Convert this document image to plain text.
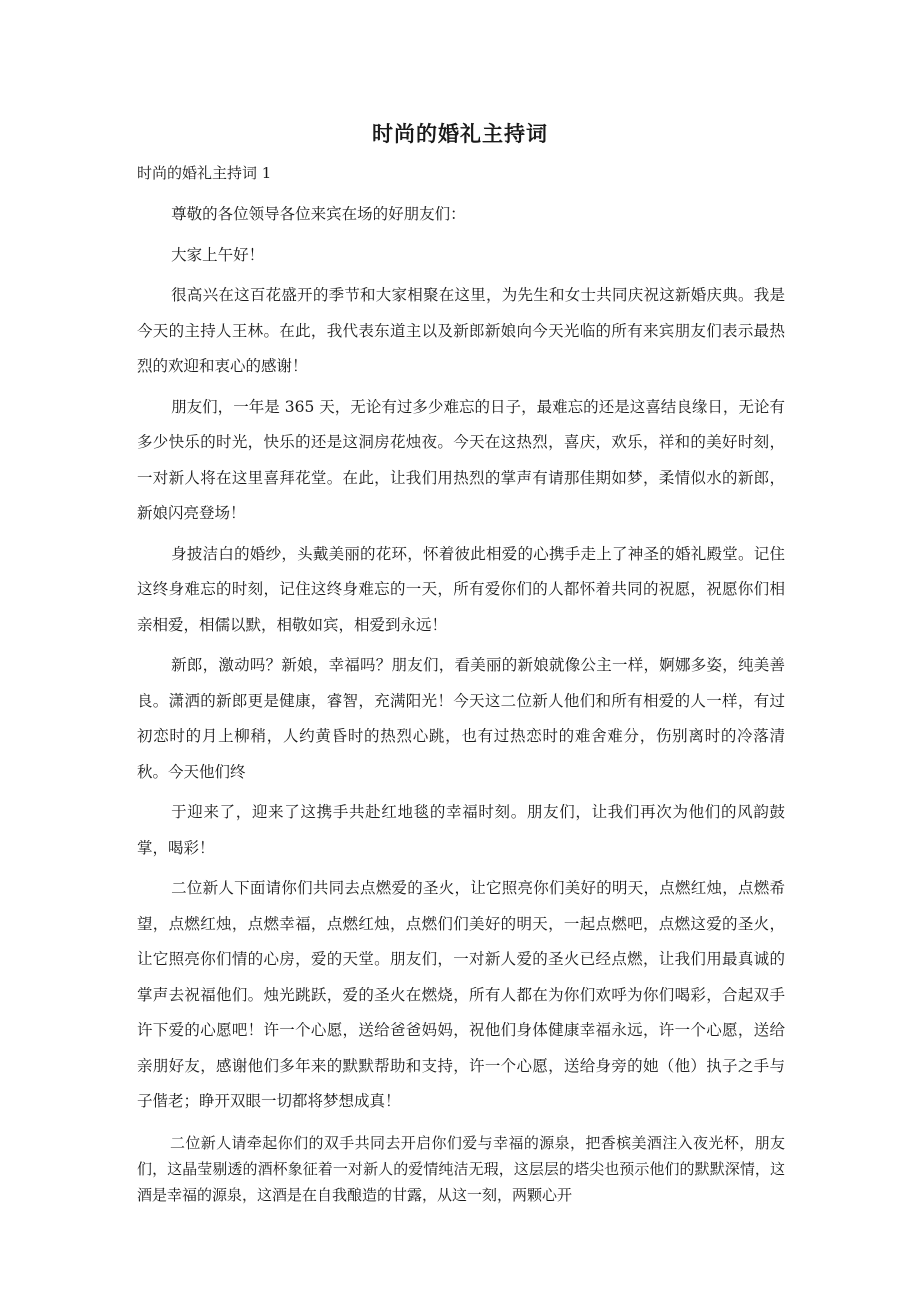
时尚的婚礼主持词
时尚的婚礼主持词 1

尊敬的各位领导各位来宾在场的好朋友们：

大家上午好！

很高兴在这百花盛开的季节和大家相聚在这里，为先生和女士共同庆祝这新婚庆典。我是今天的主持人王林。在此，我代表东道主以及新郎新娘向今天光临的所有来宾朋友们表示最热烈的欢迎和衷心的感谢！

朋友们，一年是 365 天，无论有过多少难忘的日子，最难忘的还是这喜结良缘日，无论有多少快乐的时光，快乐的还是这洞房花烛夜。今天在这热烈，喜庆，欢乐，祥和的美好时刻，一对新人将在这里喜拜花堂。在此，让我们用热烈的掌声有请那佳期如梦，柔情似水的新郎，新娘闪亮登场！

身披洁白的婚纱，头戴美丽的花环，怀着彼此相爱的心携手走上了神圣的婚礼殿堂。记住这终身难忘的时刻，记住这终身难忘的一天，所有爱你们的人都怀着共同的祝愿，祝愿你们相亲相爱，相儒以默，相敬如宾，相爱到永远！

新郎，激动吗？新娘，幸福吗？朋友们，看美丽的新娘就像公主一样，婀娜多姿，纯美善良。潇洒的新郎更是健康，睿智，充满阳光！今天这二位新人他们和所有相爱的人一样，有过初恋时的月上柳稍，人约黄昏时的热烈心跳，也有过热恋时的难舍难分，伤别离时的冷落清秋。今天他们终

于迎来了，迎来了这携手共赴红地毯的幸福时刻。朋友们，让我们再次为他们的风韵鼓掌，喝彩！

二位新人下面请你们共同去点燃爱的圣火，让它照亮你们美好的明天，点燃红烛，点燃希望，点燃红烛，点燃幸福，点燃红烛，点燃们们美好的明天，一起点燃吧，点燃这爱的圣火，让它照亮你们情的心房，爱的天堂。朋友们，一对新人爱的圣火已经点燃，让我们用最真诚的掌声去祝福他们。烛光跳跃，爱的圣火在燃烧，所有人都在为你们欢呼为你们喝彩，合起双手许下爱的心愿吧！许一个心愿，送给爸爸妈妈，祝他们身体健康幸福永远，许一个心愿，送给亲朋好友，感谢他们多年来的默默帮助和支持，许一个心愿，送给身旁的她（他）执子之手与子偕老；睁开双眼一切都将梦想成真！

二位新人请牵起你们的双手共同去开启你们爱与幸福的源泉，把香槟美酒注入夜光杯，朋友们，这晶莹剔透的酒杯象征着一对新人的爱情纯洁无瑕，这层层的塔尖也预示他们的默默深情，这酒是幸福的源泉，这酒是在自我酿造的甘露，从这一刻，两颗心开
